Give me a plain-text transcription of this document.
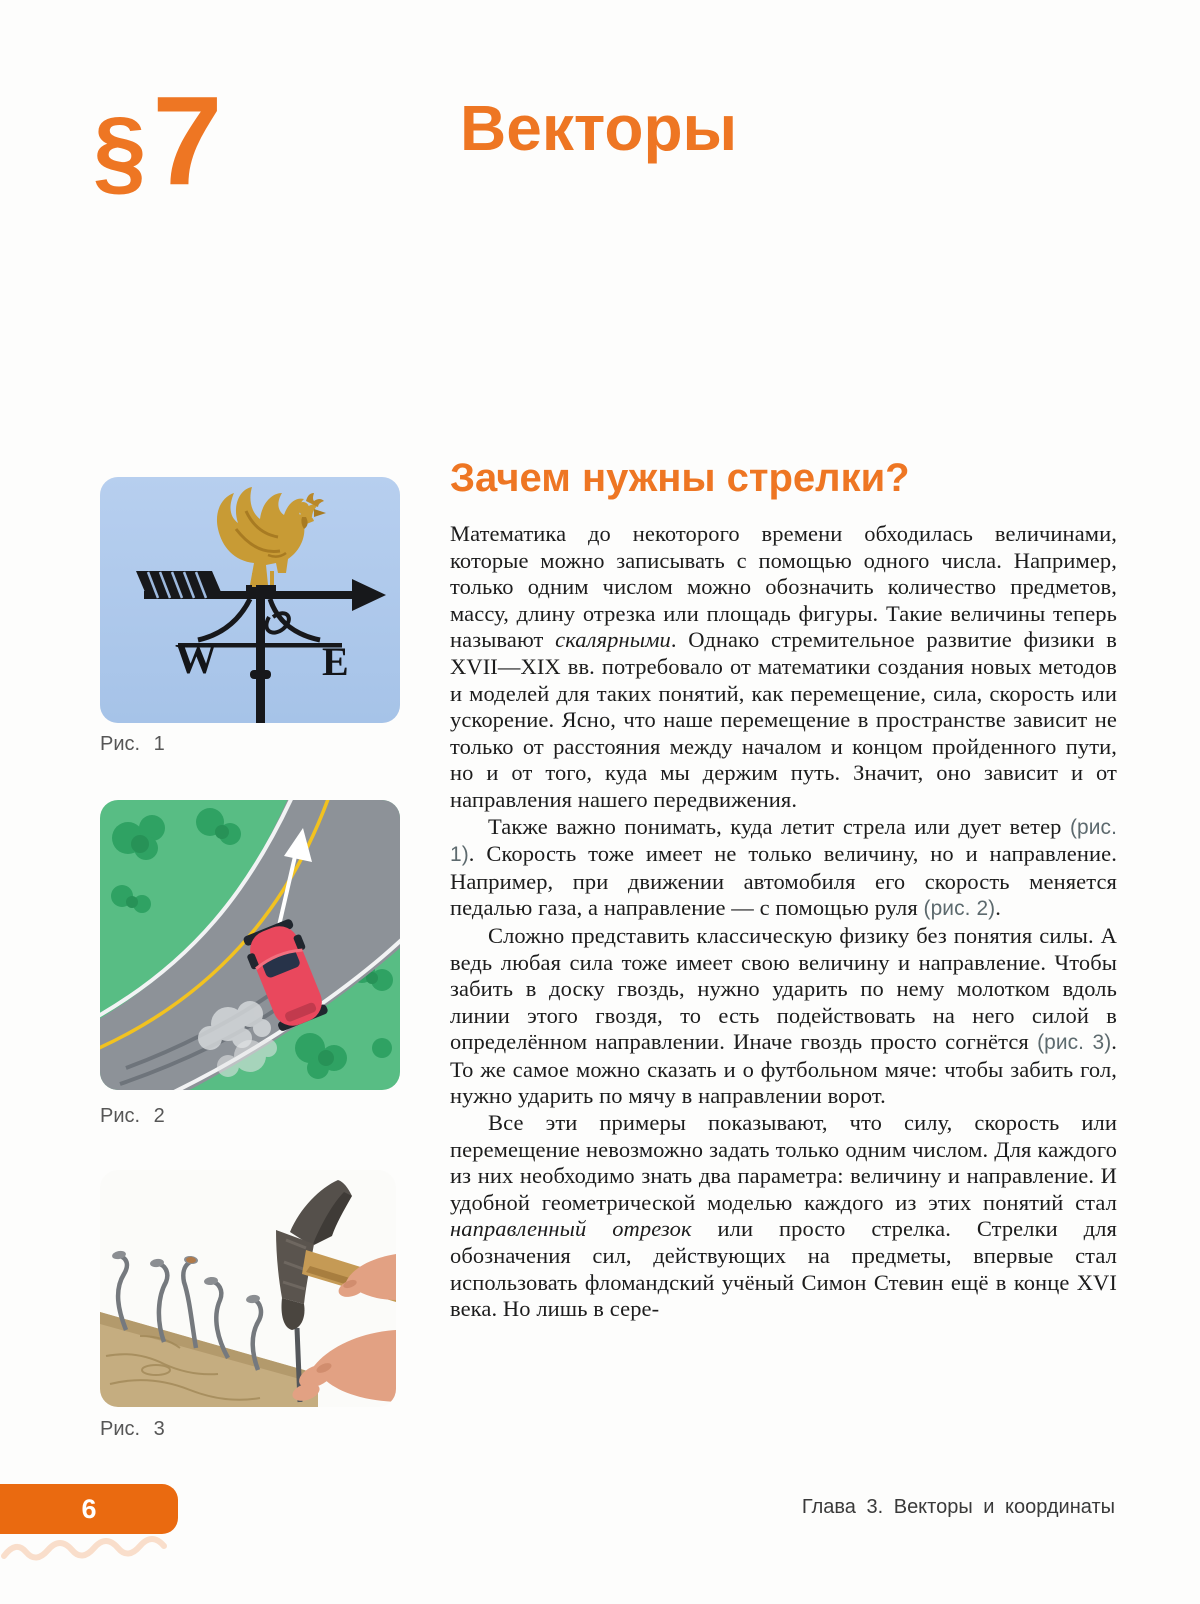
§7	Векторы
W	E
Рис. 1
Рис. 2
Рис. 3
Зачем нужны стрелки?

Математика до некоторого времени обходилась величинами, которые можно записывать с помощью одного числа. Например, только одним числом можно обозначить количество предметов, массу, длину отрезка или площадь фигуры. Такие величины теперь называют скалярными. Однако стремительное развитие физики в XVII—XIX вв. потребовало от математики создания новых методов и моделей для таких понятий, как перемещение, сила, скорость или ускорение. Ясно, что наше перемещение в пространстве зависит не только от расстояния между началом и концом пройденного пути, но и от того, куда мы держим путь. Значит, оно зависит и от направления нашего передвижения.

Также важно понимать, куда летит стрела или дует ветер (рис. 1). Скорость тоже имеет не только величину, но и направление. Например, при движении автомобиля его скорость меняется педалью газа, а направление — с помощью руля (рис. 2).

Сложно представить классическую физику без понятия силы. А ведь любая сила тоже имеет свою величину и направление. Чтобы забить в доску гвоздь, нужно ударить по нему молотком вдоль линии этого гвоздя, то есть подействовать на него силой в определённом направлении. Иначе гвоздь просто согнётся (рис. 3). То же самое можно сказать и о футбольном мяче: чтобы забить гол, нужно ударить по мячу в направлении ворот.

Все эти примеры показывают, что силу, скорость или перемещение невозможно задать только одним числом. Для каждого из них необходимо знать два параметра: величину и направление. И удобной геометрической моделью каждого из этих понятий стал направленный отрезок или просто стрелка. Стрелки для обозначения сил, действующих на предметы, впервые стал использовать фломандский учёный Симон Стевин ещё в конце XVI века. Но лишь в сере-

6	Глава 3. Векторы и координаты
